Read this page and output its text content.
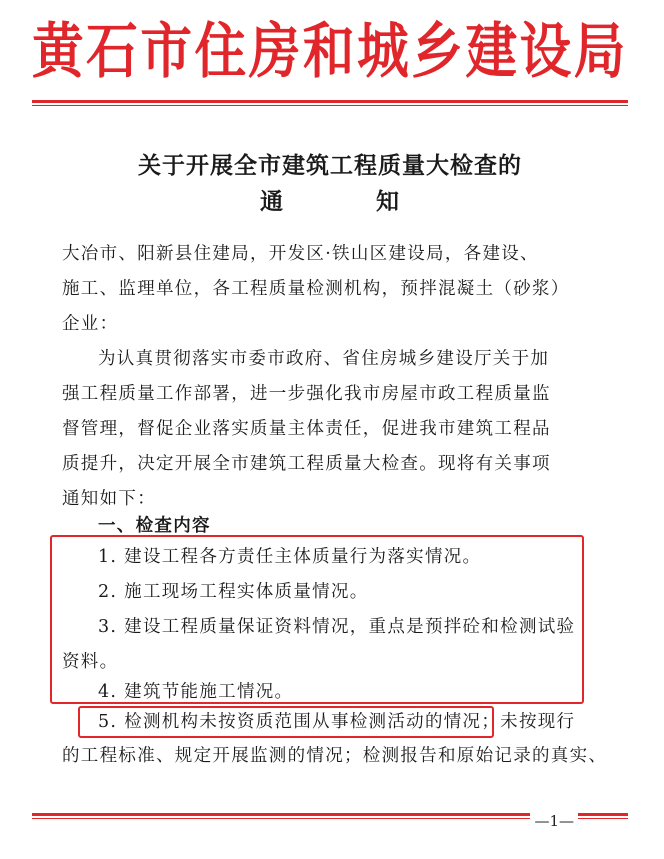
黄石市住房和城乡建设局
关于开展全市建筑工程质量大检查的
通	知
大冶市、阳新县住建局，开发区·铁山区建设局，各建设、
施工、监理单位，各工程质量检测机构，预拌混凝土（砂浆）
企业：
为认真贯彻落实市委市政府、省住房城乡建设厅关于加
强工程质量工作部署，进一步强化我市房屋市政工程质量监
督管理，督促企业落实质量主体责任，促进我市建筑工程品
质提升，决定开展全市建筑工程质量大检查。现将有关事项
通知如下：
一、检查内容
1. 建设工程各方责任主体质量行为落实情况。
2. 施工现场工程实体质量情况。
3. 建设工程质量保证资料情况，重点是预拌砼和检测试验
资料。
4. 建筑节能施工情况。
5. 检测机构未按资质范围从事检测活动的情况；未按现行
的工程标准、规定开展监测的情况；检测报告和原始记录的真实、
—1—
